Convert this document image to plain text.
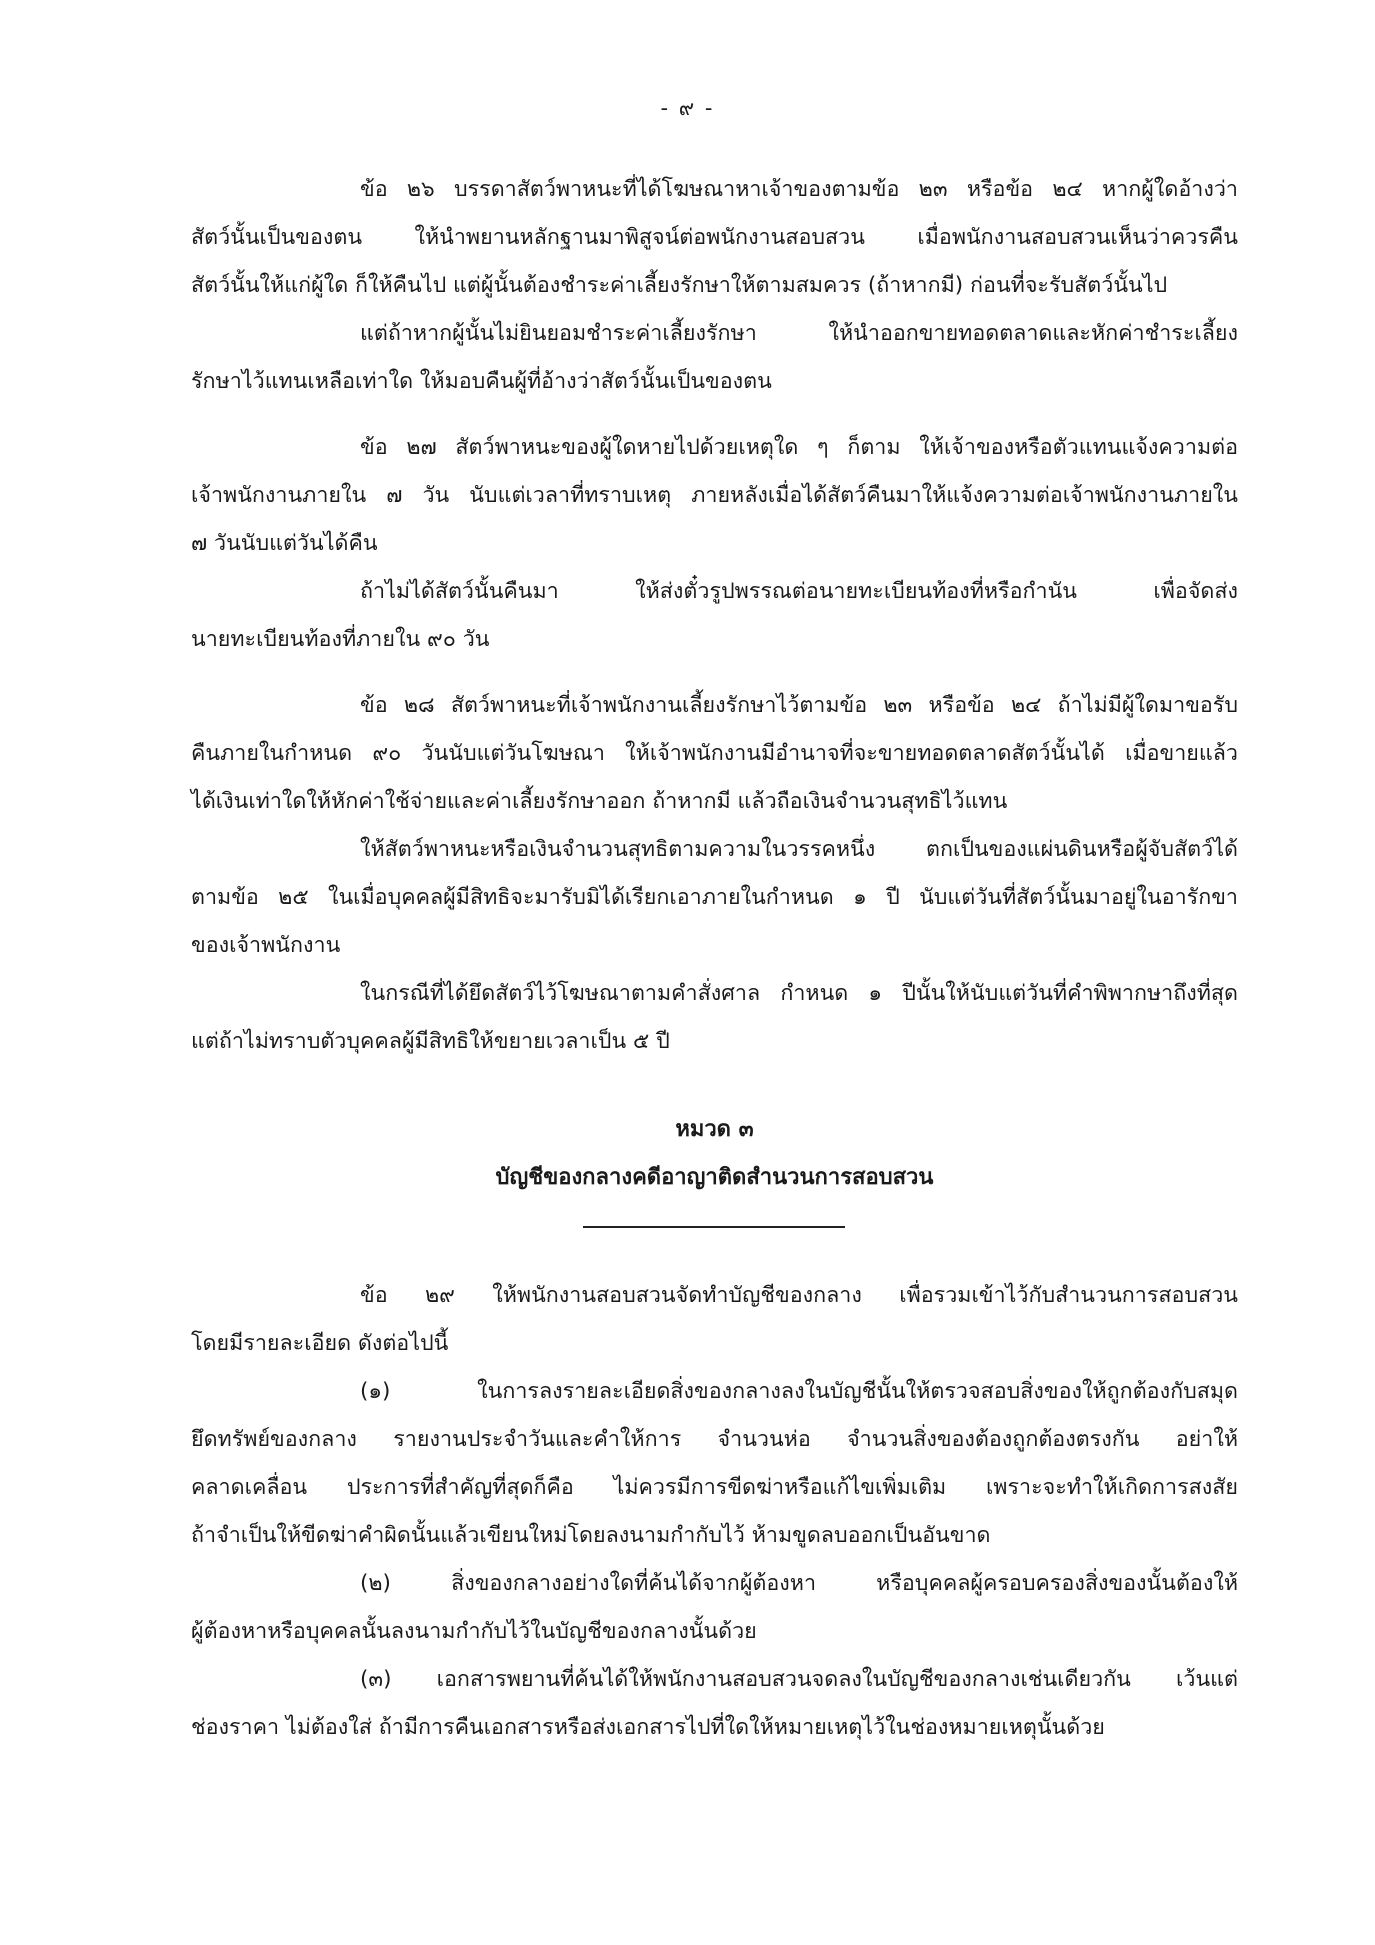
- ๙ -
ข้อ ๒๖ บรรดาสัตว์พาหนะที่ได้โฆษณาหาเจ้าของตามข้อ ๒๓ หรือข้อ ๒๔ หากผู้ใดอ้างว่า
สัตว์นั้นเป็นของตน ให้นำพยานหลักฐานมาพิสูจน์ต่อพนักงานสอบสวน เมื่อพนักงานสอบสวนเห็นว่าควรคืน
สัตว์นั้นให้แก่ผู้ใด ก็ให้คืนไป แต่ผู้นั้นต้องชำระค่าเลี้ยงรักษาให้ตามสมควร (ถ้าหากมี) ก่อนที่จะรับสัตว์นั้นไป
แต่ถ้าหากผู้นั้นไม่ยินยอมชำระค่าเลี้ยงรักษา ให้นำออกขายทอดตลาดและหักค่าชำระเลี้ยง
รักษาไว้แทนเหลือเท่าใด ให้มอบคืนผู้ที่อ้างว่าสัตว์นั้นเป็นของตน
ข้อ ๒๗ สัตว์พาหนะของผู้ใดหายไปด้วยเหตุใด ๆ ก็ตาม ให้เจ้าของหรือตัวแทนแจ้งความต่อ
เจ้าพนักงานภายใน ๗ วัน นับแต่เวลาที่ทราบเหตุ ภายหลังเมื่อได้สัตว์คืนมาให้แจ้งความต่อเจ้าพนักงานภายใน
๗ วันนับแต่วันได้คืน
ถ้าไม่ได้สัตว์นั้นคืนมา ให้ส่งตั๋วรูปพรรณต่อนายทะเบียนท้องที่หรือกำนัน เพื่อจัดส่ง
นายทะเบียนท้องที่ภายใน ๙๐ วัน
ข้อ ๒๘ สัตว์พาหนะที่เจ้าพนักงานเลี้ยงรักษาไว้ตามข้อ ๒๓ หรือข้อ ๒๔ ถ้าไม่มีผู้ใดมาขอรับ
คืนภายในกำหนด ๙๐ วันนับแต่วันโฆษณา ให้เจ้าพนักงานมีอำนาจที่จะขายทอดตลาดสัตว์นั้นได้ เมื่อขายแล้ว
ได้เงินเท่าใดให้หักค่าใช้จ่ายและค่าเลี้ยงรักษาออก ถ้าหากมี แล้วถือเงินจำนวนสุทธิไว้แทน
ให้สัตว์พาหนะหรือเงินจำนวนสุทธิตามความในวรรคหนึ่ง ตกเป็นของแผ่นดินหรือผู้จับสัตว์ได้
ตามข้อ ๒๕ ในเมื่อบุคคลผู้มีสิทธิจะมารับมิได้เรียกเอาภายในกำหนด ๑ ปี นับแต่วันที่สัตว์นั้นมาอยู่ในอารักขา
ของเจ้าพนักงาน
ในกรณีที่ได้ยึดสัตว์ไว้โฆษณาตามคำสั่งศาล กำหนด ๑ ปีนั้นให้นับแต่วันที่คำพิพากษาถึงที่สุด
แต่ถ้าไม่ทราบตัวบุคคลผู้มีสิทธิให้ขยายเวลาเป็น ๕ ปี
หมวด ๓
บัญชีของกลางคดีอาญาติดสำนวนการสอบสวน
ข้อ ๒๙ ให้พนักงานสอบสวนจัดทำบัญชีของกลาง เพื่อรวมเข้าไว้กับสำนวนการสอบสวน
โดยมีรายละเอียด ดังต่อไปนี้
(๑) ในการลงรายละเอียดสิ่งของกลางลงในบัญชีนั้นให้ตรวจสอบสิ่งของให้ถูกต้องกับสมุด
ยึดทรัพย์ของกลาง รายงานประจำวันและคำให้การ จำนวนห่อ จำนวนสิ่งของต้องถูกต้องตรงกัน อย่าให้
คลาดเคลื่อน ประการที่สำคัญที่สุดก็คือ ไม่ควรมีการขีดฆ่าหรือแก้ไขเพิ่มเติม เพราะจะทำให้เกิดการสงสัย
ถ้าจำเป็นให้ขีดฆ่าคำผิดนั้นแล้วเขียนใหม่โดยลงนามกำกับไว้ ห้ามขูดลบออกเป็นอันขาด
(๒) สิ่งของกลางอย่างใดที่ค้นได้จากผู้ต้องหา หรือบุคคลผู้ครอบครองสิ่งของนั้นต้องให้
ผู้ต้องหาหรือบุคคลนั้นลงนามกำกับไว้ในบัญชีของกลางนั้นด้วย
(๓) เอกสารพยานที่ค้นได้ให้พนักงานสอบสวนจดลงในบัญชีของกลางเช่นเดียวกัน เว้นแต่
ช่องราคา ไม่ต้องใส่ ถ้ามีการคืนเอกสารหรือส่งเอกสารไปที่ใดให้หมายเหตุไว้ในช่องหมายเหตุนั้นด้วย
